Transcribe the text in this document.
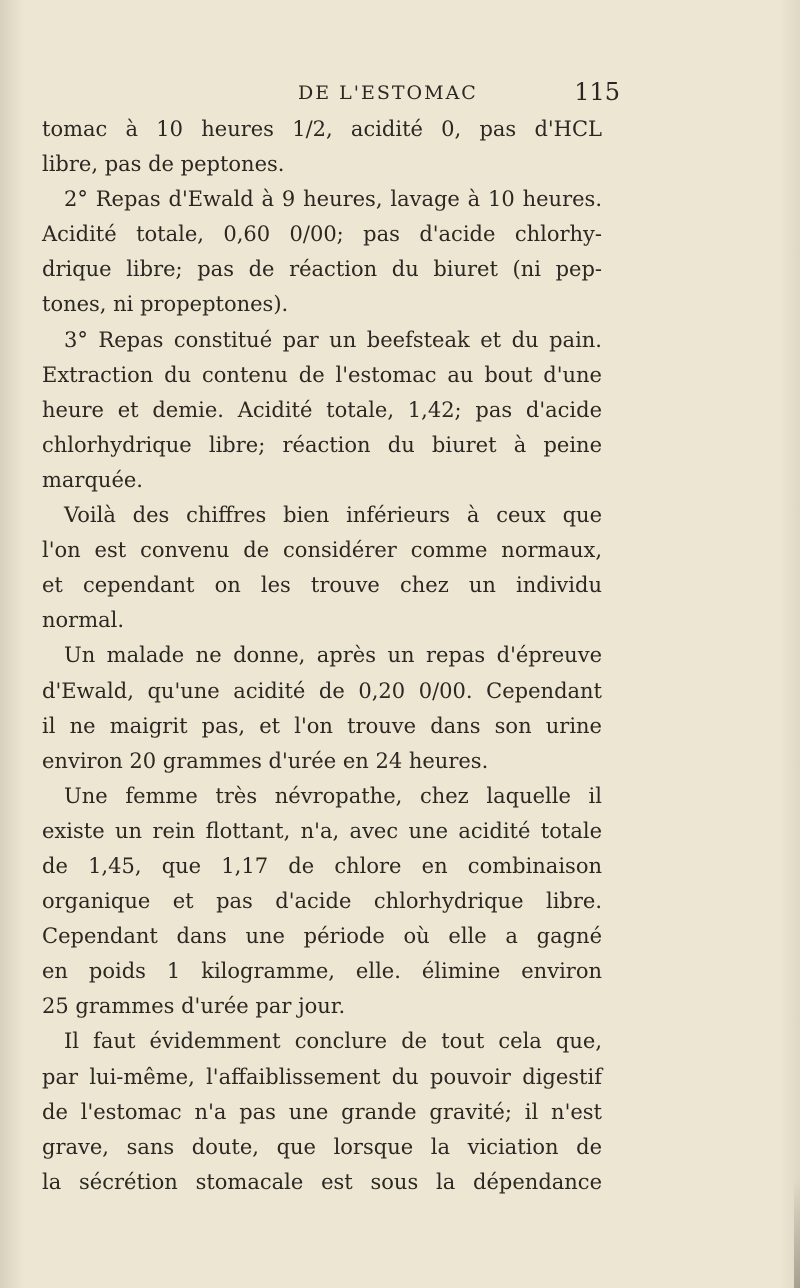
DE L'ESTOMAC	115
tomac à 10 heures 1/2, acidité 0, pas d'HCL
libre, pas de peptones.
2° Repas d'Ewald à 9 heures, lavage à 10 heures.
Acidité totale, 0,60 0/00; pas d'acide chlorhy-
drique libre; pas de réaction du biuret (ni pep-
tones, ni propeptones).
3° Repas constitué par un beefsteak et du pain.
Extraction du contenu de l'estomac au bout d'une
heure et demie. Acidité totale, 1,42; pas d'acide
chlorhydrique libre; réaction du biuret à peine
marquée.
Voilà des chiffres bien inférieurs à ceux que
l'on est convenu de considérer comme normaux,
et cependant on les trouve chez un individu
normal.
Un malade ne donne, après un repas d'épreuve
d'Ewald, qu'une acidité de 0,20 0/00. Cependant
il ne maigrit pas, et l'on trouve dans son urine
environ 20 grammes d'urée en 24 heures.
Une femme très névropathe, chez laquelle il
existe un rein flottant, n'a, avec une acidité totale
de 1,45, que 1,17 de chlore en combinaison
organique et pas d'acide chlorhydrique libre.
Cependant dans une période où elle a gagné
en poids 1 kilogramme, elle. élimine environ
25 grammes d'urée par jour.
Il faut évidemment conclure de tout cela que,
par lui-même, l'affaiblissement du pouvoir digestif
de l'estomac n'a pas une grande gravité; il n'est
grave, sans doute, que lorsque la viciation de
la sécrétion stomacale est sous la dépendance
